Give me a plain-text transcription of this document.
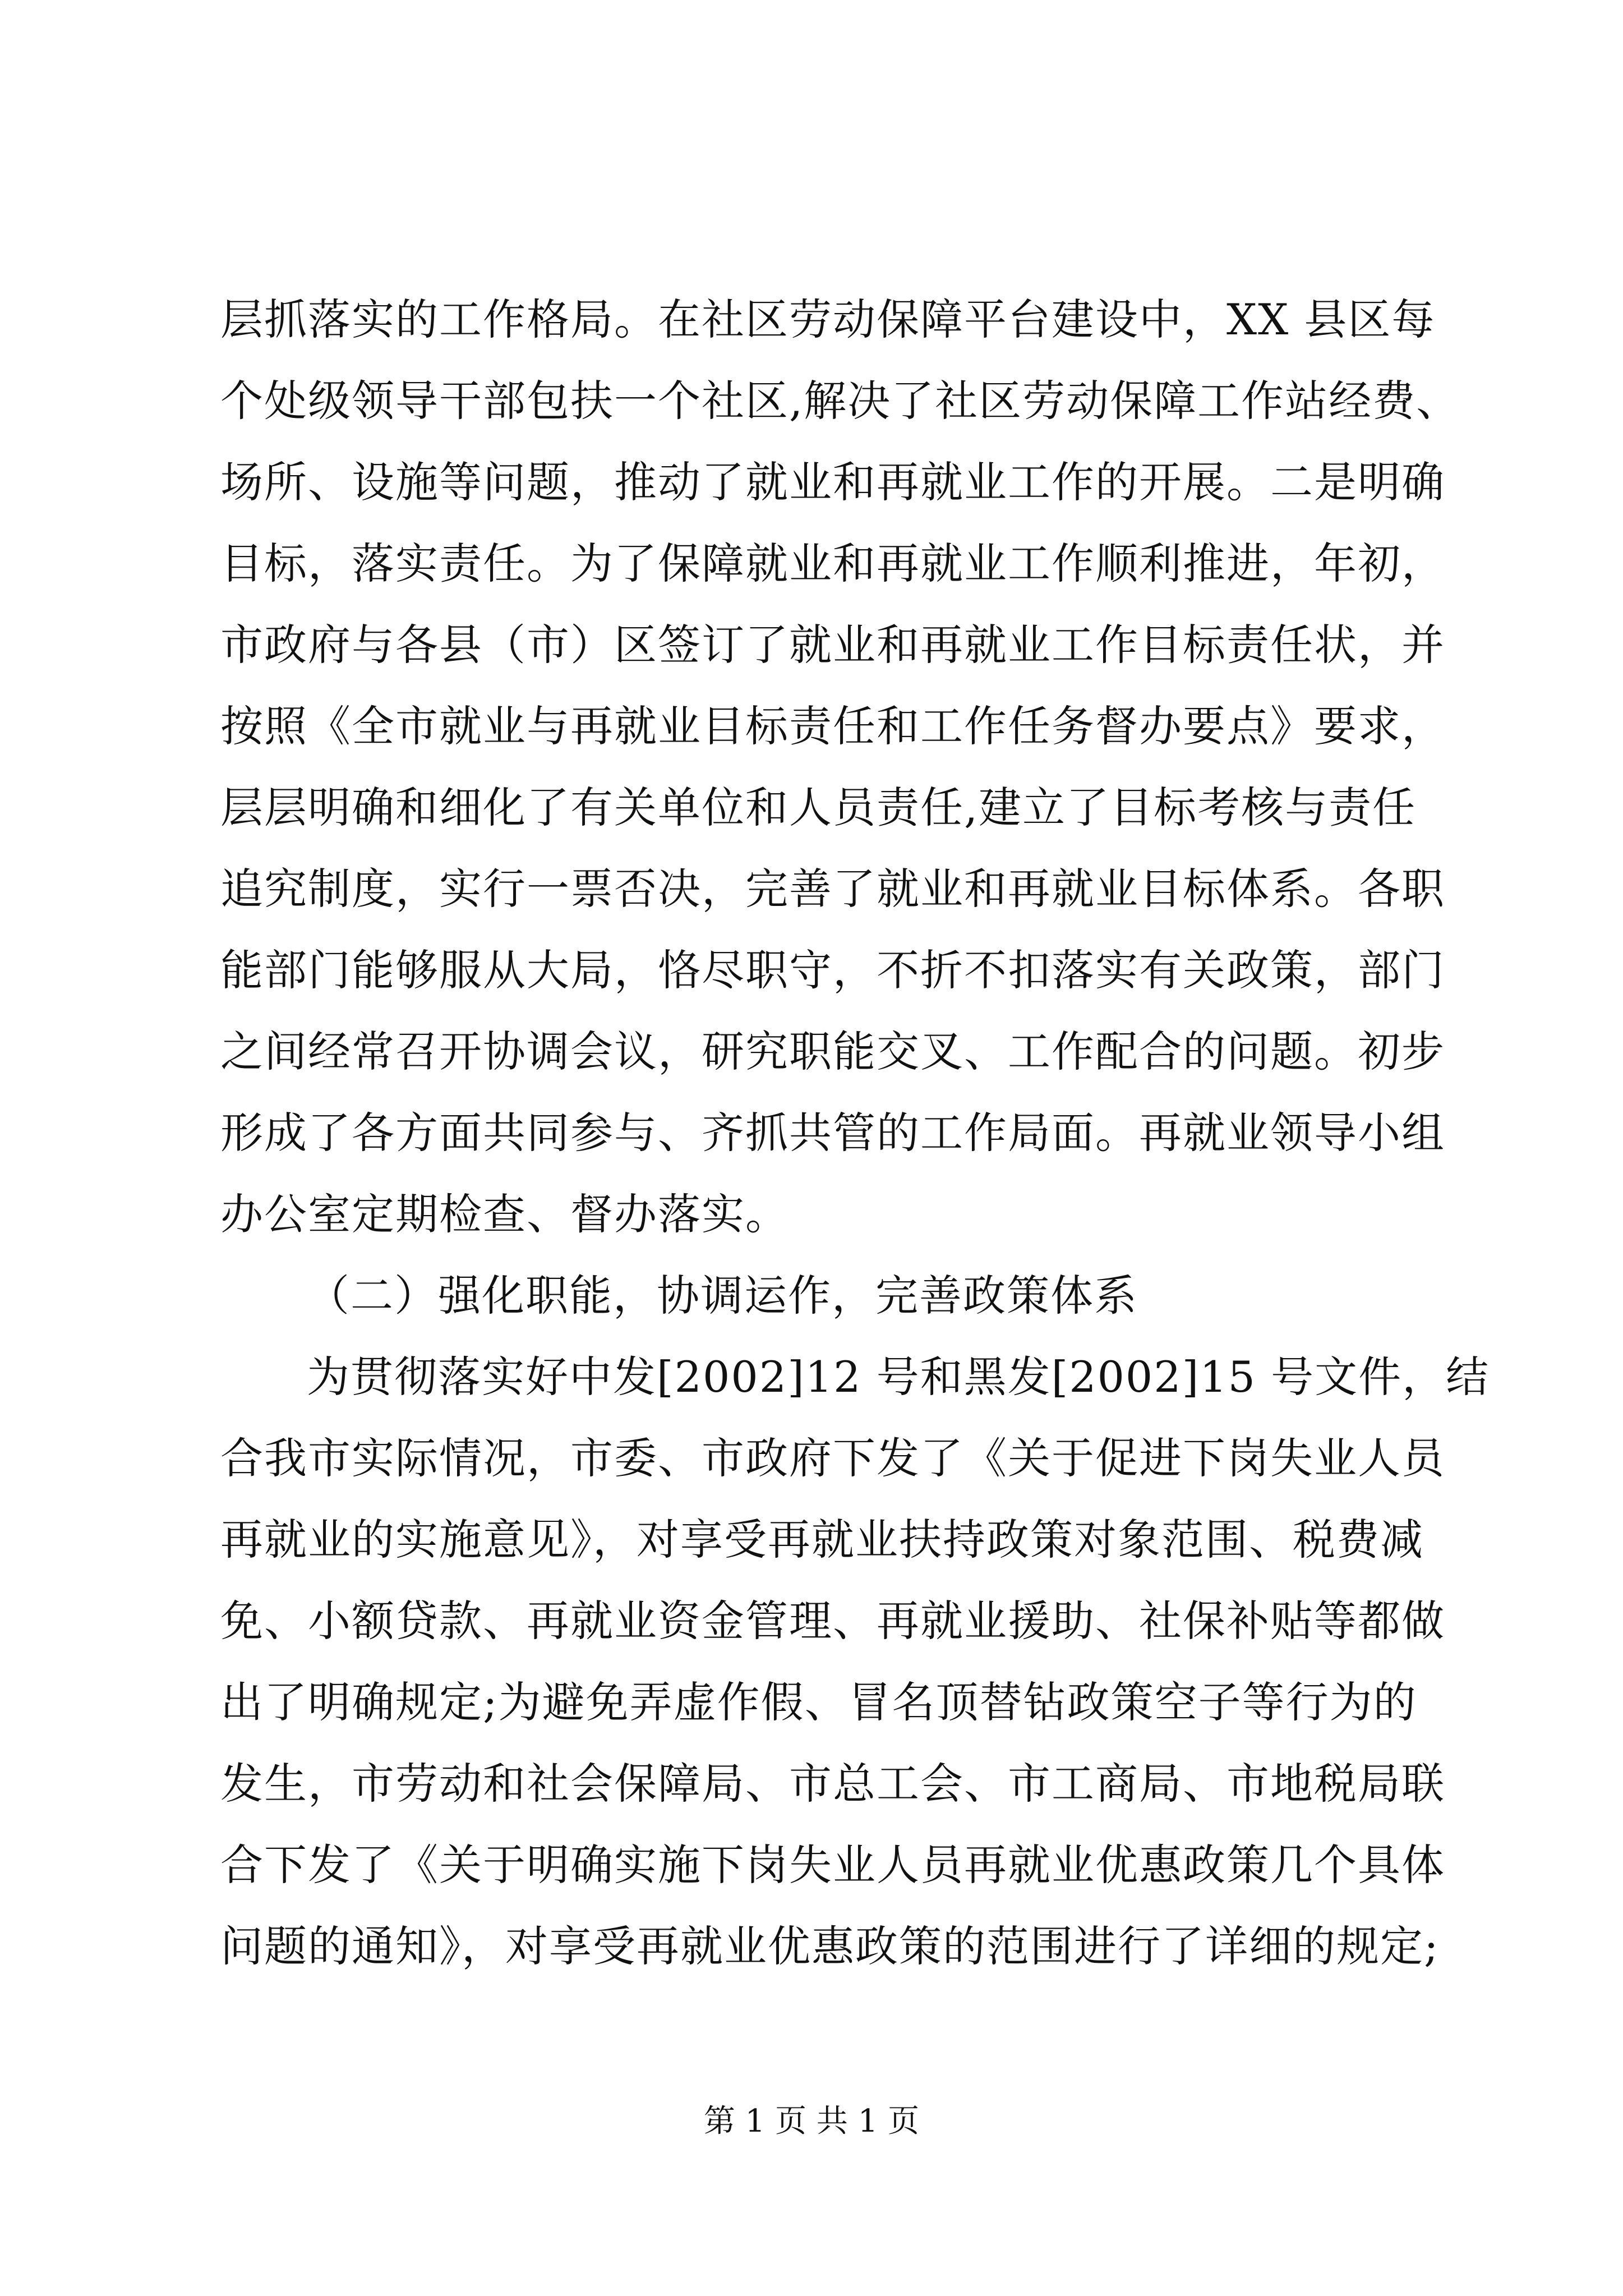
层抓落实的工作格局。在社区劳动保障平台建设中，XX 县区每

个处级领导干部包扶一个社区,解决了社区劳动保障工作站经费、

场所、设施等问题，推动了就业和再就业工作的开展。二是明确

目标，落实责任。为了保障就业和再就业工作顺利推进，年初，

市政府与各县（市）区签订了就业和再就业工作目标责任状，并

按照《全市就业与再就业目标责任和工作任务督办要点》要求，

层层明确和细化了有关单位和人员责任,建立了目标考核与责任

追究制度，实行一票否决，完善了就业和再就业目标体系。各职

能部门能够服从大局，恪尽职守，不折不扣落实有关政策，部门

之间经常召开协调会议，研究职能交叉、工作配合的问题。初步

形成了各方面共同参与、齐抓共管的工作局面。再就业领导小组

办公室定期检查、督办落实。

（二）强化职能，协调运作，完善政策体系

为贯彻落实好中发[2002]12 号和黑发[2002]15 号文件，结

合我市实际情况，市委、市政府下发了《关于促进下岗失业人员

再就业的实施意见》，对享受再就业扶持政策对象范围、税费减

免、小额贷款、再就业资金管理、再就业援助、社保补贴等都做

出了明确规定;为避免弄虚作假、冒名顶替钻政策空子等行为的

发生，市劳动和社会保障局、市总工会、市工商局、市地税局联

合下发了《关于明确实施下岗失业人员再就业优惠政策几个具体

问题的通知》，对享受再就业优惠政策的范围进行了详细的规定;

第 1 页 共 1 页
